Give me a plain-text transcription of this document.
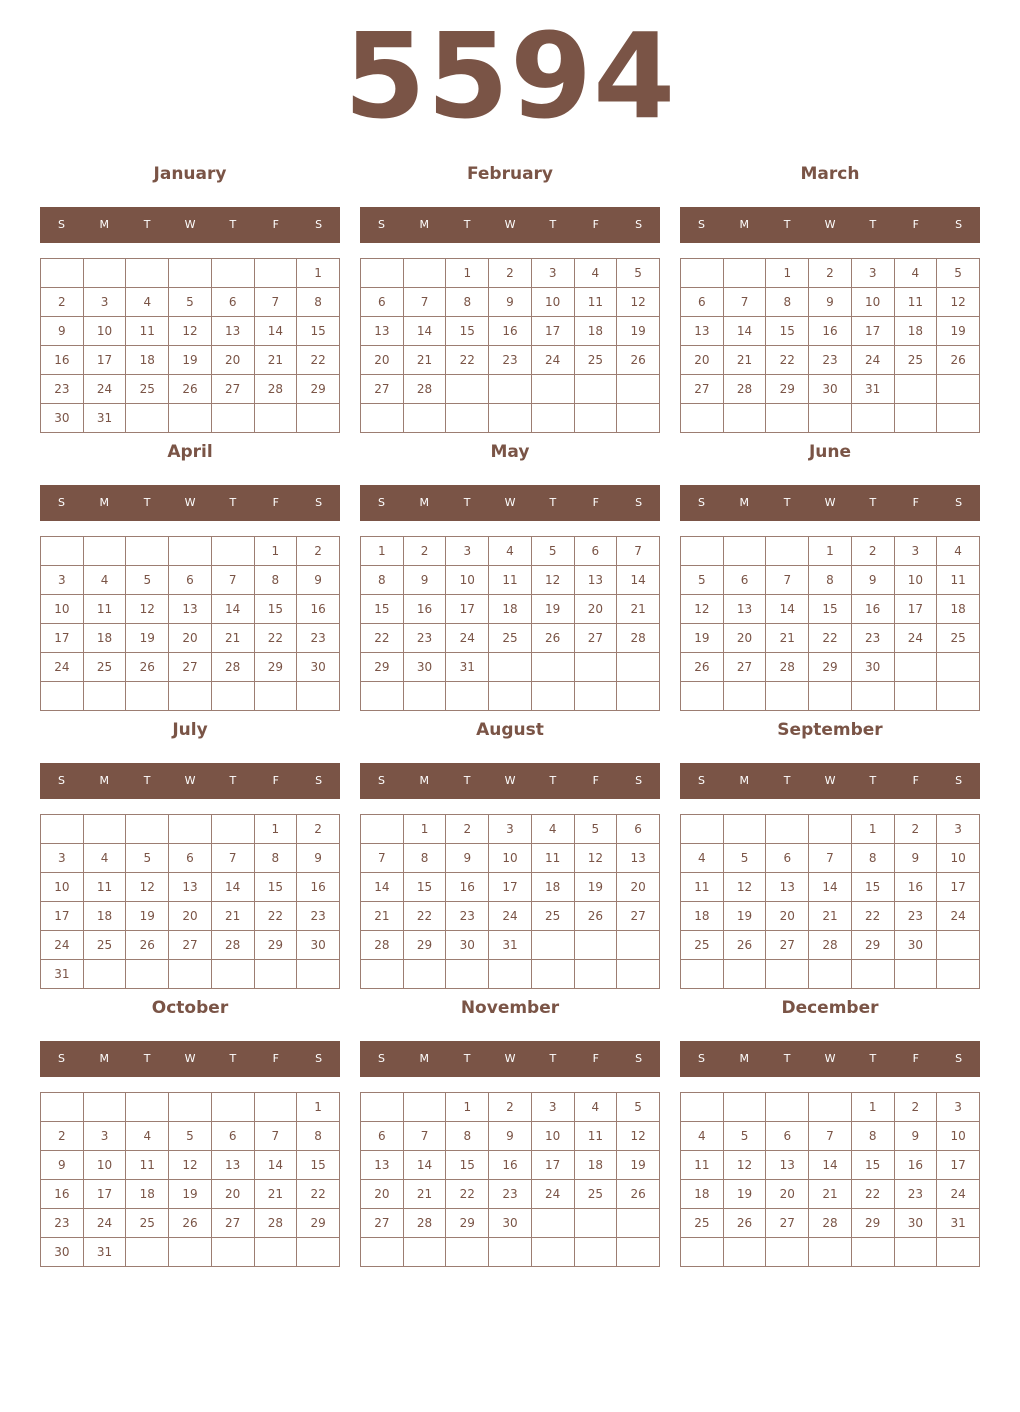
5594
January
S	M	T	W	T	F	S
						1
2	3	4	5	6	7	8
9	10	11	12	13	14	15
16	17	18	19	20	21	22
23	24	25	26	27	28	29
30	31					
February
S	M	T	W	T	F	S
		1	2	3	4	5
6	7	8	9	10	11	12
13	14	15	16	17	18	19
20	21	22	23	24	25	26
27	28					

March
S	M	T	W	T	F	S
		1	2	3	4	5
6	7	8	9	10	11	12
13	14	15	16	17	18	19
20	21	22	23	24	25	26
27	28	29	30	31		

April
S	M	T	W	T	F	S
					1	2
3	4	5	6	7	8	9
10	11	12	13	14	15	16
17	18	19	20	21	22	23
24	25	26	27	28	29	30

May
S	M	T	W	T	F	S
1	2	3	4	5	6	7
8	9	10	11	12	13	14
15	16	17	18	19	20	21
22	23	24	25	26	27	28
29	30	31				

June
S	M	T	W	T	F	S
			1	2	3	4
5	6	7	8	9	10	11
12	13	14	15	16	17	18
19	20	21	22	23	24	25
26	27	28	29	30		

July
S	M	T	W	T	F	S
					1	2
3	4	5	6	7	8	9
10	11	12	13	14	15	16
17	18	19	20	21	22	23
24	25	26	27	28	29	30
31						
August
S	M	T	W	T	F	S
	1	2	3	4	5	6
7	8	9	10	11	12	13
14	15	16	17	18	19	20
21	22	23	24	25	26	27
28	29	30	31			

September
S	M	T	W	T	F	S
				1	2	3
4	5	6	7	8	9	10
11	12	13	14	15	16	17
18	19	20	21	22	23	24
25	26	27	28	29	30	

October
S	M	T	W	T	F	S
						1
2	3	4	5	6	7	8
9	10	11	12	13	14	15
16	17	18	19	20	21	22
23	24	25	26	27	28	29
30	31					
November
S	M	T	W	T	F	S
		1	2	3	4	5
6	7	8	9	10	11	12
13	14	15	16	17	18	19
20	21	22	23	24	25	26
27	28	29	30			

December
S	M	T	W	T	F	S
				1	2	3
4	5	6	7	8	9	10
11	12	13	14	15	16	17
18	19	20	21	22	23	24
25	26	27	28	29	30	31
